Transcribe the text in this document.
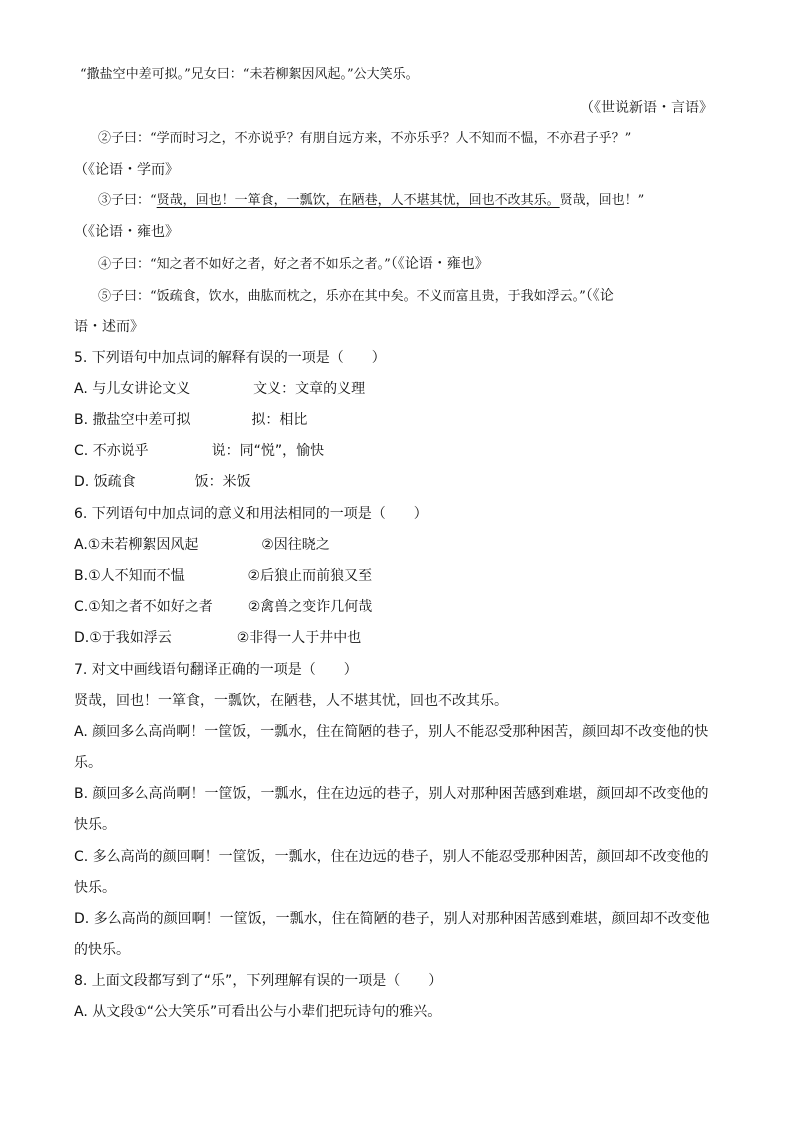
“撒盐空中差可拟。”兄女曰：“未若柳絮因风起。”公大笑乐。
（《世说新语・言语》
②子曰：“学而时习之，不亦说乎？有朋自远方来，不亦乐乎？人不知而不愠，不亦君子乎？”
（《论语・学而》
③子曰：“贤哉，回也！一箪食，一瓢饮，在陋巷，人不堪其忧，回也不改其乐。贤哉，回也！”
（《论语・雍也》
④子曰：“知之者不如好之者，好之者不如乐之者。”（《论语・雍也》
⑤子曰：“饭疏食，饮水，曲肱而枕之，乐亦在其中矣。不义而富且贵，于我如浮云。”（《论
语・述而》
5. 下列语句中加点词的解释有误的一项是（　　）
A. 与儿女讲论文义	文义：文章的义理
B. 撒盐空中差可拟	拟：相比
C. 不亦说乎	说：同“悦”，愉快
D. 饭疏食	饭：米饭
6. 下列语句中加点词的意义和用法相同的一项是（　　）
A.①未若柳絮因风起	②因往晓之
B.①人不知而不愠	②后狼止而前狼又至
C.①知之者不如好之者 ②禽兽之变诈几何哉
D.①于我如浮云	②非得一人于井中也
7. 对文中画线语句翻译正确的一项是（　　）
贤哉，回也！一箪食，一瓢饮，在陋巷，人不堪其忧，回也不改其乐。
A. 颜回多么高尚啊！一筐饭，一瓢水，住在简陋的巷子，别人不能忍受那种困苦，颜回却不改变他的快
乐。
B. 颜回多么高尚啊！一筐饭，一瓢水，住在边远的巷子，别人对那种困苦感到难堪，颜回却不改变他的
快乐。
C. 多么高尚的颜回啊！一筐饭，一瓢水，住在边远的巷子，别人不能忍受那种困苦，颜回却不改变他的
快乐。
D. 多么高尚的颜回啊！一筐饭，一瓢水，住在简陋的巷子，别人对那种困苦感到难堪，颜回却不改变他
的快乐。
8. 上面文段都写到了“乐”，下列理解有误的一项是（　　）
A. 从文段①“公大笑乐”可看出公与小辈们把玩诗句的雅兴。
